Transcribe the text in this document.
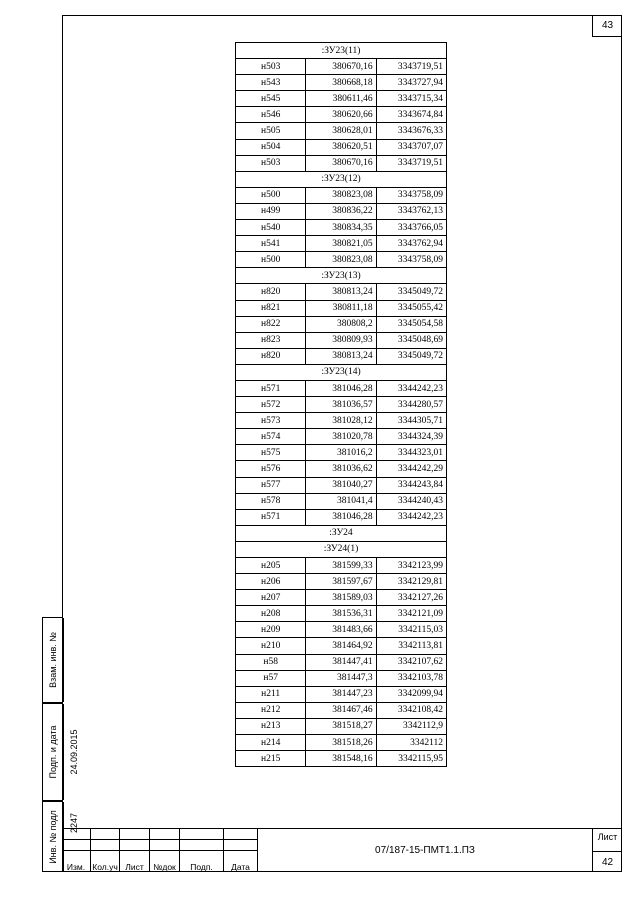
43
Взам. инв. №
Подп. и дата 24.09.2015
Инв. № подл 2247
:ЗУ23(11)		
н503	380670,16	3343719,51
н543	380668,18	3343727,94
н545	380611,46	3343715,34
н546	380620,66	3343674,84
н505	380628,01	3343676,33
н504	380620,51	3343707,07
н503	380670,16	3343719,51
:ЗУ23(12)		
н500	380823,08	3343758,09
н499	380836,22	3343762,13
н540	380834,35	3343766,05
н541	380821,05	3343762,94
н500	380823,08	3343758,09
:ЗУ23(13)		
н820	380813,24	3345049,72
н821	380811,18	3345055,42
н822	380808,2	3345054,58
н823	380809,93	3345048,69
н820	380813,24	3345049,72
:ЗУ23(14)		
н571	381046,28	3344242,23
н572	381036,57	3344280,57
н573	381028,12	3344305,71
н574	381020,78	3344324,39
н575	381016,2	3344323,01
н576	381036,62	3344242,29
н577	381040,27	3344243,84
н578	381041,4	3344240,43
н571	381046,28	3344242,23
:ЗУ24		
:ЗУ24(1)		
н205	381599,33	3342123,99
н206	381597,67	3342129,81
н207	381589,03	3342127,26
н208	381536,31	3342121,09
н209	381483,66	3342115,03
н210	381464,92	3342113,81
н58	381447,41	3342107,62
н57	381447,3	3342103,78
н211	381447,23	3342099,94
н212	381467,46	3342108,42
н213	381518,27	3342112,9
н214	381518,26	3342112
н215	381548,16	3342115,95
Изм. Кол.уч Лист	№док	Подп.	Дата
07/187-15-ПМТ1.1.ПЗ
Лист
42
